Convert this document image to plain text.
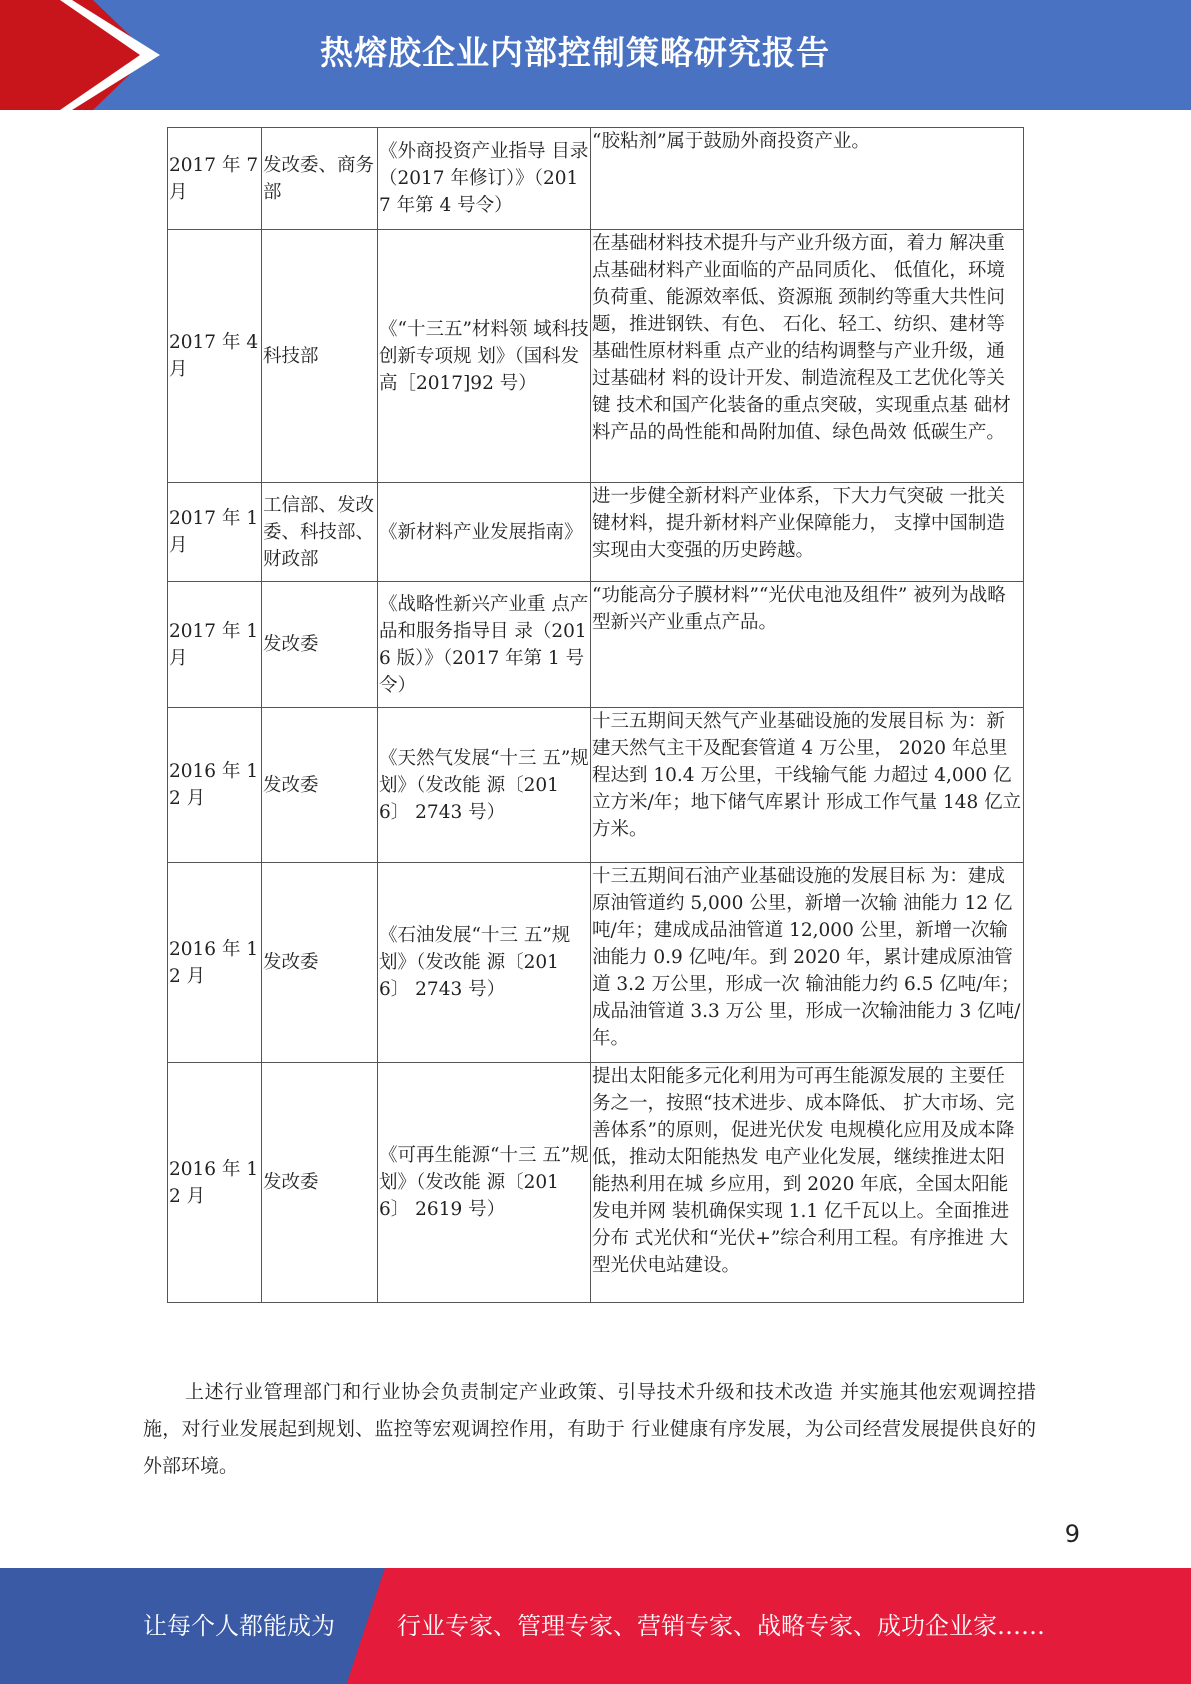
热熔胶企业内部控制策略研究报告
2017 年 7 月	发改委、商务部	《外商投资产业指导 目录（2017 年修订）》（2017 年第 4 号令）	“胶粘剂”属于鼓励外商投资产业。
2017 年 4 月	科技部	《“十三五”材料领 域科技创新专项规 划》（国科发高［2017]92 号）	在基础材料技术提升与产业升级方面，着力 解决重点基础材料产业面临的产品同质化、 低值化，环境负荷重、能源效率低、资源瓶 颈制约等重大共性问题，推进钢铁、有色、 石化、轻工、纺织、建材等基础性原材料重 点产业的结构调整与产业升级，通过基础材 料的设计开发、制造流程及工艺优化等关键 技术和国产化装备的重点突破，实现重点基 础材料产品的咼性能和咼附加值、绿色咼效 低碳生产。
2017 年 1 月	工信部、发改委、科技部、财政部	《新材料产业发展指南》	进一步健全新材料产业体系，下大力气突破 一批关键材料，提升新材料产业保障能力， 支撑中国制造实现由大变强的历史跨越。
2017 年 1 月	发改委	《战略性新兴产业重 点产品和服务指导目 录（2016 版）》（2017 年第 1 号令）	“功能高分子膜材料”“光伏电池及组件” 被列为战略型新兴产业重点产品。
2016 年 12 月	发改委	《天然气发展“十三 五”规划》（发改能 源〔2016〕 2743 号）	十三五期间天然气产业基础设施的发展目标 为：新建天然气主干及配套管道 4 万公里， 2020 年总里程达到 10.4 万公里，干线输气能 力超过 4,000 亿立方米/年；地下储气库累计 形成工作气量 148 亿立方米。
2016 年 12 月	发改委	《石油发展“十三 五”规划》（发改能 源〔2016〕 2743 号）	十三五期间石油产业基础设施的发展目标 为：建成原油管道约 5,000 公里，新增一次输 油能力 12 亿吨/年；建成成品油管道 12,000 公里，新增一次输油能力 0.9 亿吨/年。到 2020 年，累计建成原油管道 3.2 万公里，形成一次 输油能力约 6.5 亿吨/年；成品油管道 3.3 万公 里，形成一次输油能力 3 亿吨/年。
2016 年 12 月	发改委	《可再生能源“十三 五”规划》（发改能 源〔2016〕 2619 号）	提出太阳能多元化利用为可再生能源发展的 主要任务之一，按照“技术进步、成本降低、 扩大市场、完善体系”的原则，促进光伏发 电规模化应用及成本降低，推动太阳能热发 电产业化发展，继续推进太阳能热利用在城 乡应用，到 2020 年底，全国太阳能发电并网 装机确保实现 1.1 亿千瓦以上。全面推进分布 式光伏和“光伏+”综合利用工程。有序推进 大型光伏电站建设。

上述行业管理部门和行业协会负责制定产业政策、引导技术升级和技术改造 并实施其他宏观调控措施，对行业发展起到规划、监控等宏观调控作用，有助于 行业健康有序发展，为公司经营发展提供良好的外部环境。

9
让每个人都能成为	行业专家、管理专家、营销专家、战略专家、成功企业家……
